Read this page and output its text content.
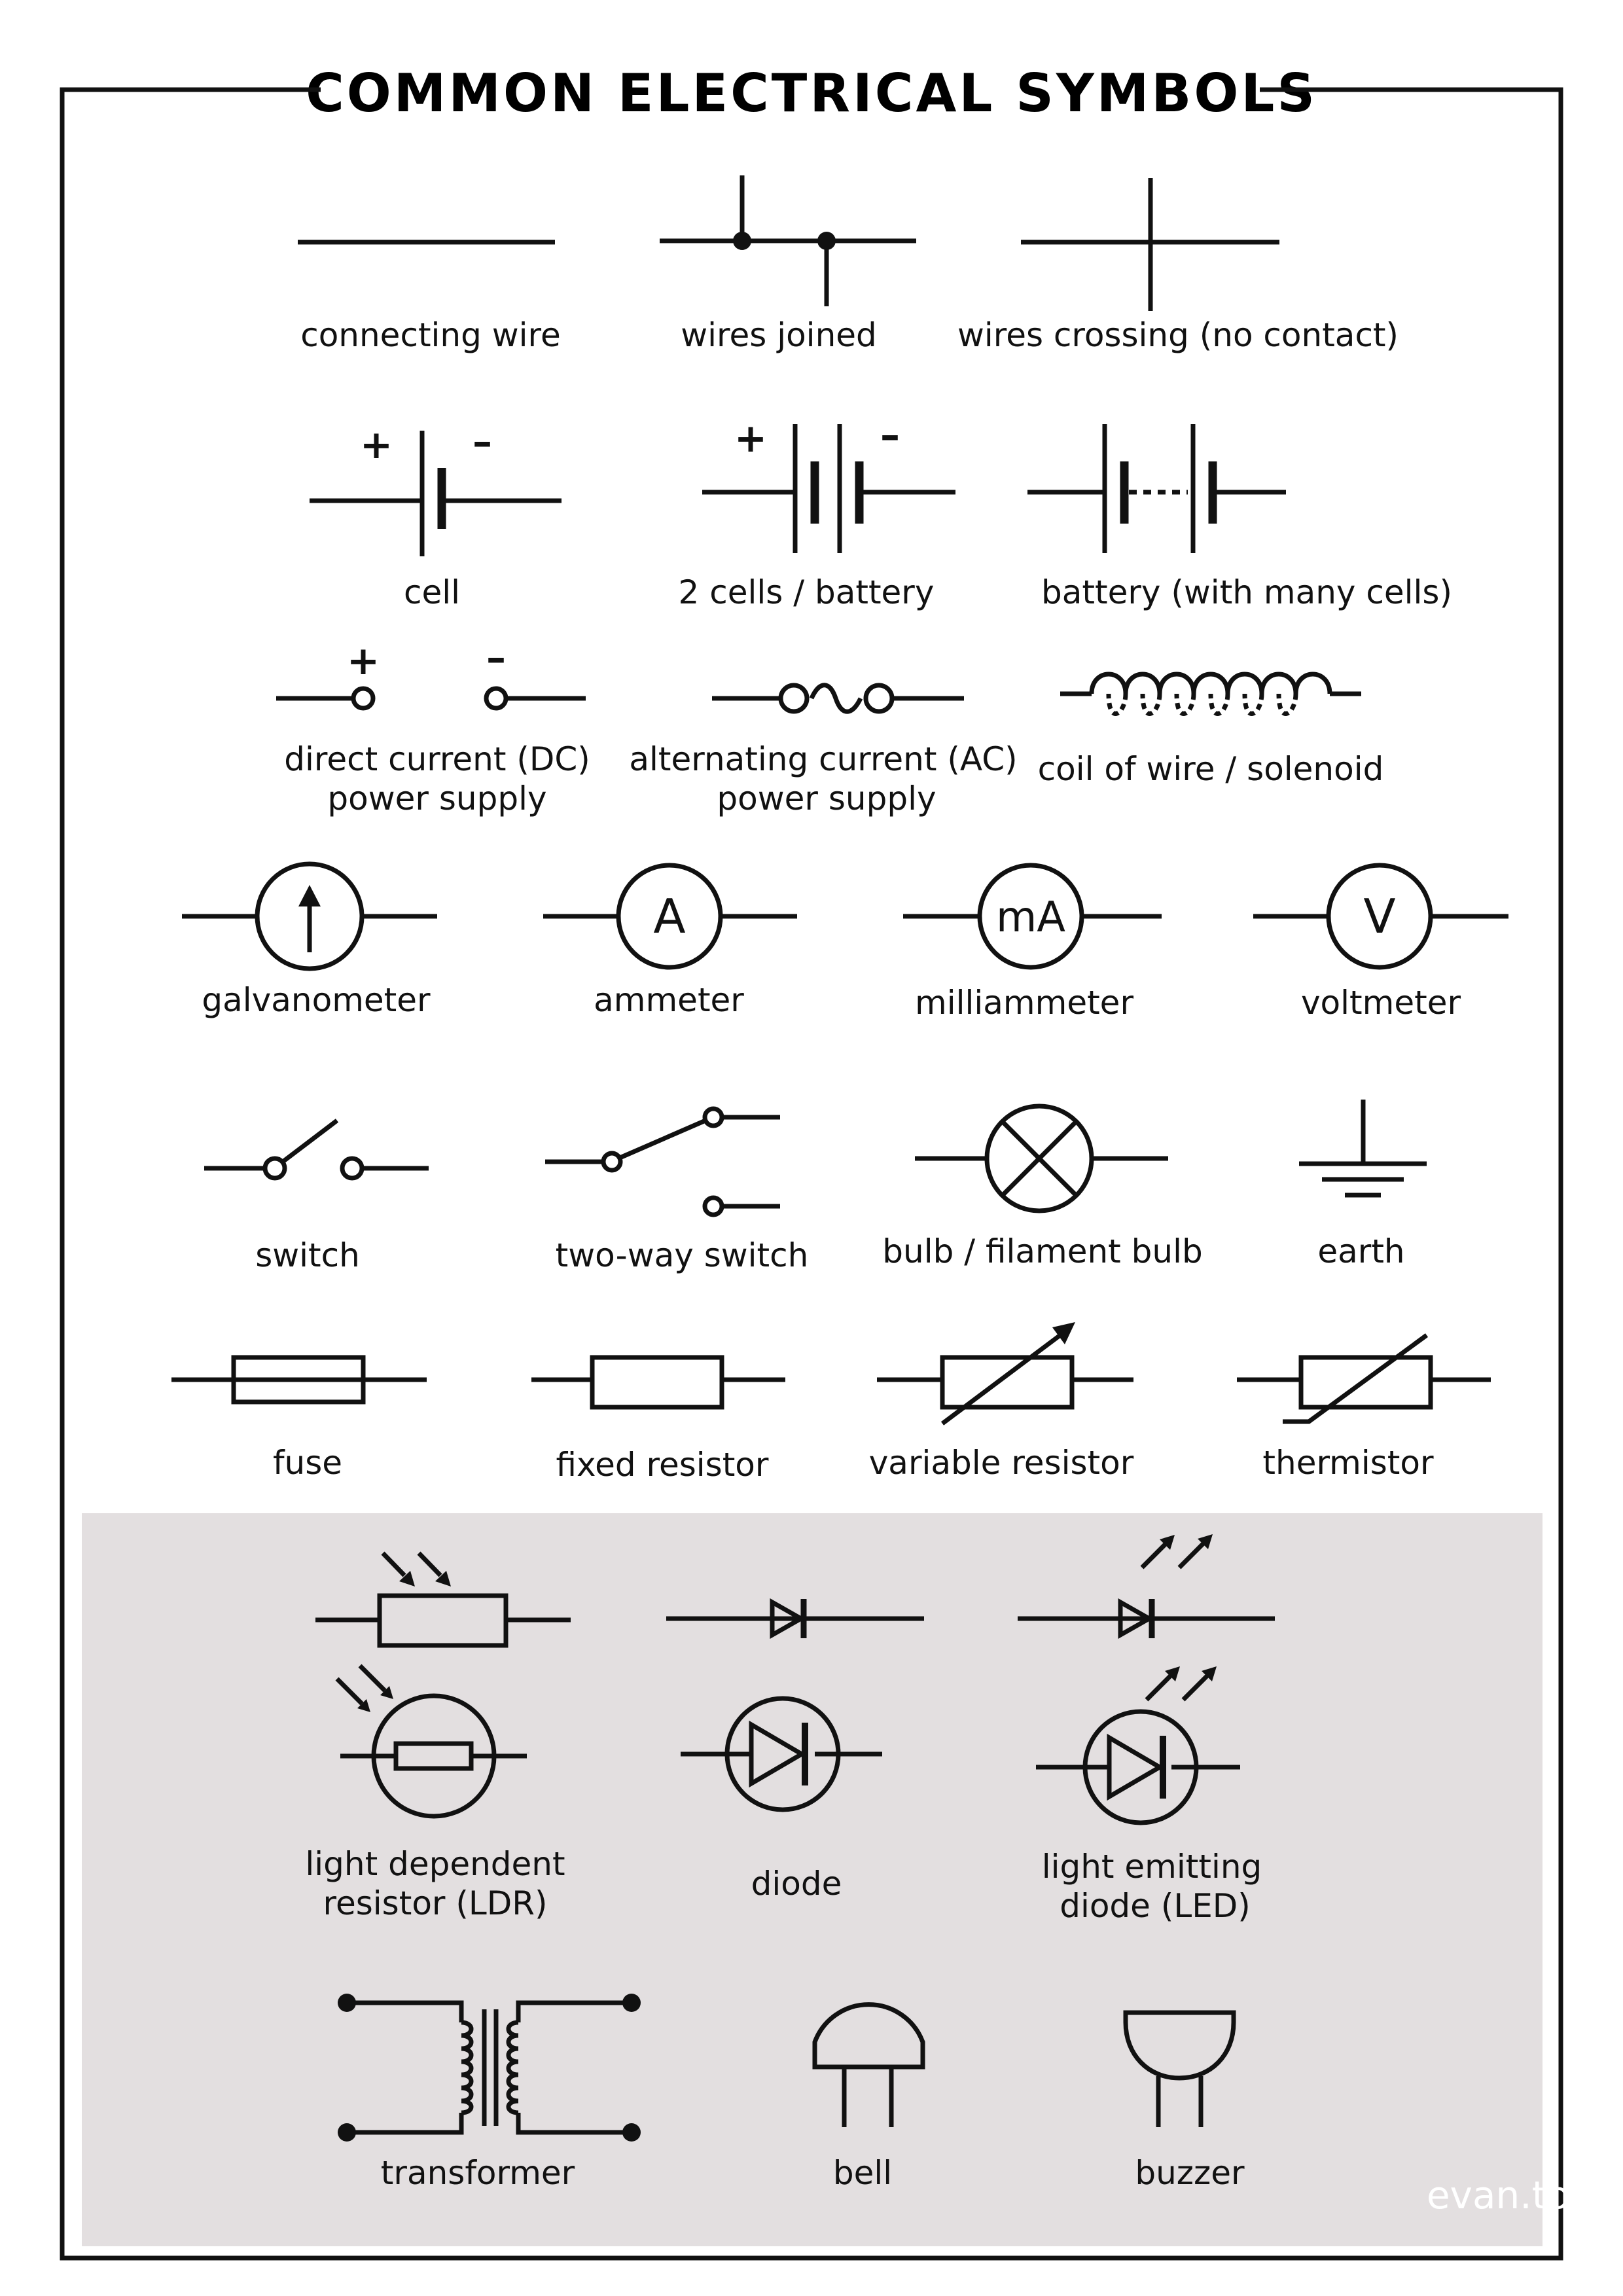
COMMON ELECTRICAL SYMBOLS
+ –	+	–
+	–
A	mA	V
connecting wire	wires joined wires crossing (no contact)
cell	2 cells / battery	battery (with many cells)
direct current (DC)
power supply
alternating current (AC)
power supply
coil of wire / solenoid
galvanometer	ammeter	milliammeter	voltmeter
switch	two-way switch bulb / filament bulb	earth
fuse	fixed resistor	variable resistor	thermistor
light dependent
resistor (LDR)
diode	light emitting
diode (LED)
transformer	bell	buzzer	evan.toh
